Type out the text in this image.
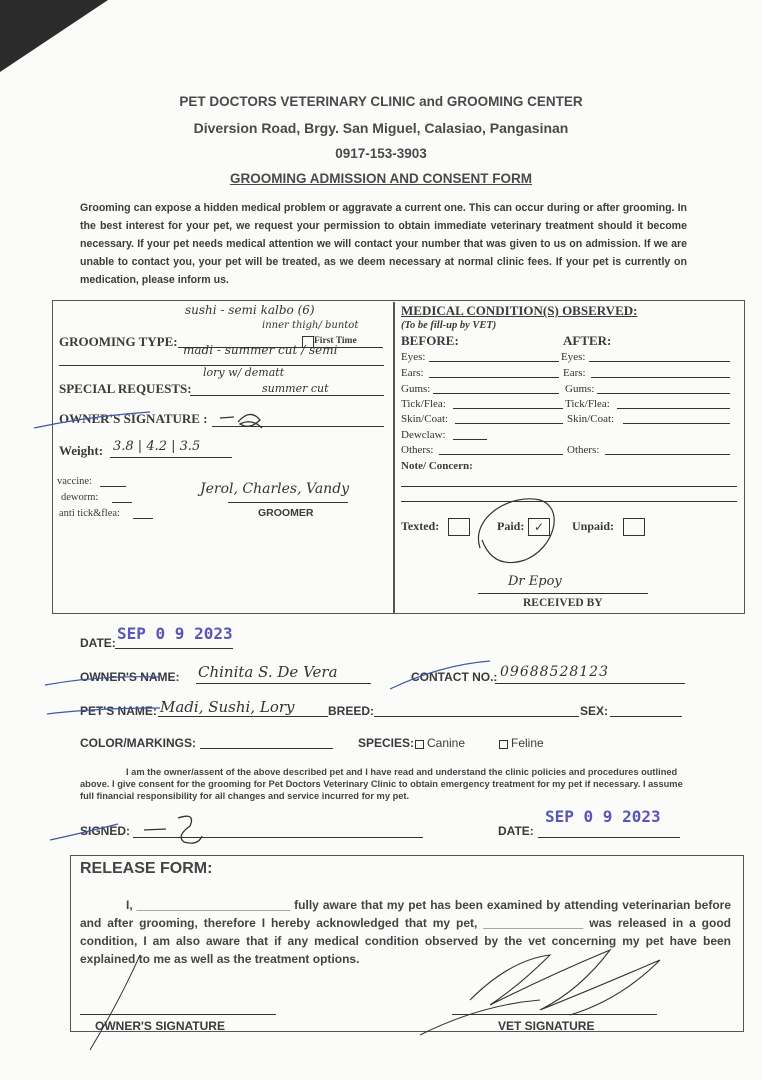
PET DOCTORS VETERINARY CLINIC and GROOMING CENTER
Diversion Road, Brgy. San Miguel, Calasiao, Pangasinan
0917-153-3903
GROOMING ADMISSION AND CONSENT FORM
Grooming can expose a hidden medical problem or aggravate a current one. This can occur during or after grooming. In the best interest for your pet, we request your permission to obtain immediate veterinary treatment should it become necessary. If your pet needs medical attention we will contact your number that was given to us on admission. If we are unable to contact you, your pet will be treated, as we deem necessary at normal clinic fees. If your pet is currently on medication, please inform us.
GROOMING TYPE:
sushi - semi kalbo (6)
inner thigh/ buntot
madi - summer cut / semi
First Time
SPECIAL REQUESTS:
lory w/ dematt
summer cut
OWNER'S SIGNATURE :
Weight: 3.8 | 4.2 | 3.5
vaccine:
deworm:
anti tick&flea:
Jerol, Charles, Vandy
GROOMER
MEDICAL CONDITION(S) OBSERVED:
(To be fill-up by VET)
BEFORE:	AFTER:
Eyes:	Eyes:
Ears:	Ears:
Gums:	Gums:
Tick/Flea:	Tick/Flea:
Skin/Coat:	Skin/Coat:
Dewclaw:
Others:	Others:
Note/ Concern:
Texted:	Paid: ✓	Unpaid:
Dr Epoy
RECEIVED BY
DATE: SEP 0 9 2023
OWNER'S NAME: Chinita S. De Vera	CONTACT NO.: 09688528123
PET'S NAME: Madi, Sushi, Lory	BREED:	SEX:
COLOR/MARKINGS:	SPECIES: Canine	Feline
I am the owner/assent of the above described pet and I have read and understand the clinic policies and procedures outlined above. I give consent for the grooming for Pet Doctors Veterinary Clinic to obtain emergency treatment for my pet if necessary. I assume full financial responsibility for all changes and service incurred for my pet.
SIGNED:	DATE:
SEP 0 9 2023
RELEASE FORM:
I, _______________________ fully aware that my pet has been examined by attending veterinarian before and after grooming, therefore I hereby acknowledged that my pet, _______________ was released in a good condition, I am also aware that if any medical condition observed by the vet concerning my pet have been explained to me as well as the treatment options.
OWNER'S SIGNATURE	VET SIGNATURE
